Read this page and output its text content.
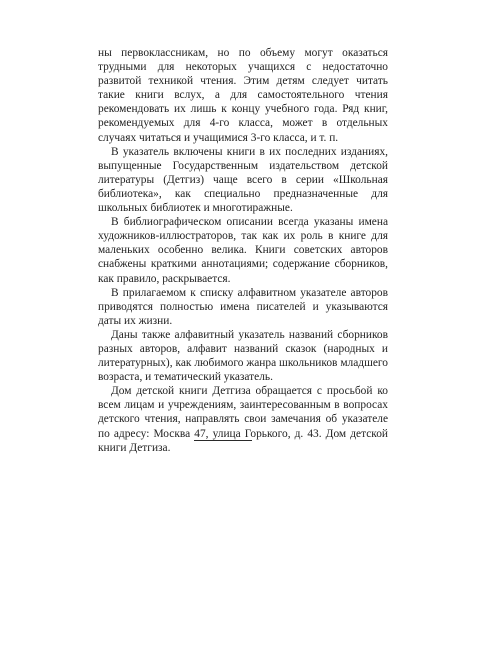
ны первоклассникам, но по объему могут оказаться трудными для некоторых учащихся с недостаточно развитой техникой чтения. Этим детям следует читать такие книги вслух, а для самостоятельного чтения рекомендовать их лишь к концу учебного года. Ряд книг, рекомендуемых для 4-го класса, может в отдельных случаях читаться и учащимися 3-го класса, и т. п.

В указатель включены книги в их последних изданиях, выпущенные Государственным издательством детской литературы (Детгиз) чаще всего в серии «Школьная библиотека», как специально предназначенные для школьных библиотек и многотиражные.

В библиографическом описании всегда указаны имена художников-иллюстраторов, так как их роль в книге для маленьких особенно велика. Книги советских авторов снабжены краткими аннотациями; содержание сборников, как правило, раскрывается.

В прилагаемом к списку алфавитном указателе авторов приводятся полностью имена писателей и указываются даты их жизни.

Даны также алфавитный указатель названий сборников разных авторов, алфавит названий сказок (народных и литературных), как любимого жанра школьников младшего возраста, и тематический указатель.

Дом детской книги Детгиза обращается с просьбой ко всем лицам и учреждениям, заинтересованным в вопросах детского чтения, направлять свои замечания об указателе по адресу: Москва 47, улица Горького, д. 43. Дом детской книги Детгиза.
